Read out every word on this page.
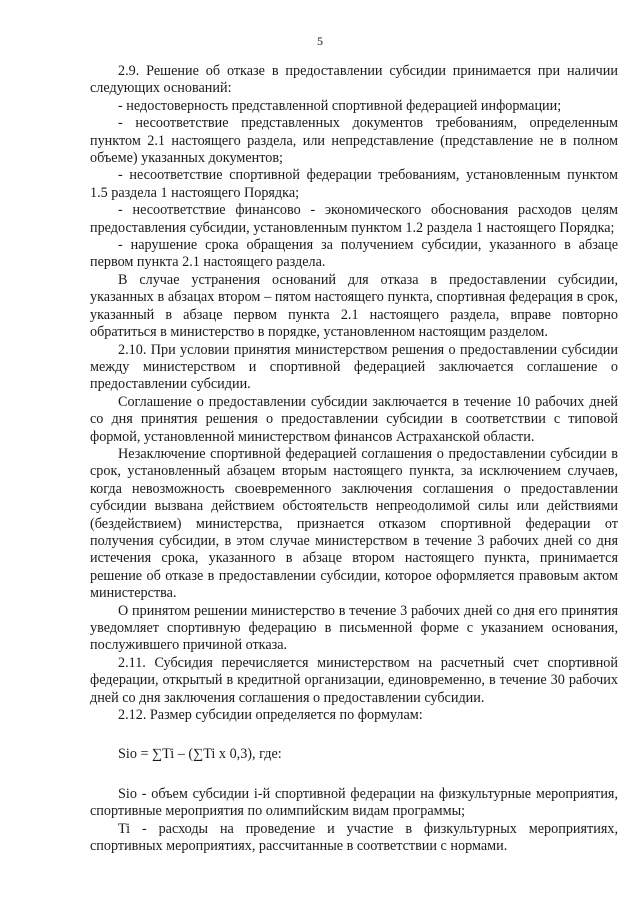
5

2.9. Решение об отказе в предоставлении субсидии принимается при наличии следующих оснований:

- недостоверность представленной спортивной федерацией информации;

- несоответствие представленных документов требованиям, определенным пунктом 2.1 настоящего раздела, или непредставление (представление не в полном объеме) указанных документов;

- несоответствие спортивной федерации требованиям, установленным пунктом 1.5 раздела 1 настоящего Порядка;

- несоответствие финансово - экономического обоснования расходов целям предоставления субсидии, установленным пунктом 1.2 раздела 1 настоящего Порядка;

- нарушение срока обращения за получением субсидии, указанного в абзаце первом пункта 2.1 настоящего раздела.

В случае устранения оснований для отказа в предоставлении субсидии, указанных в абзацах втором – пятом настоящего пункта, спортивная федерация в срок, указанный в абзаце первом пункта 2.1 настоящего раздела, вправе повторно обратиться в министерство в порядке, установленном настоящим разделом.

2.10. При условии принятия министерством решения о предоставлении субсидии между министерством и спортивной федерацией заключается соглашение о предоставлении субсидии.

Соглашение о предоставлении субсидии заключается в течение 10 рабочих дней со дня принятия решения о предоставлении субсидии в соответствии с типовой формой, установленной министерством финансов Астраханской области.

Незаключение спортивной федерацией соглашения о предоставлении субсидии в срок, установленный абзацем вторым настоящего пункта, за исключением случаев, когда невозможность своевременного заключения соглашения о предоставлении субсидии вызвана действием обстоятельств непреодолимой силы или действиями (бездействием) министерства, признается отказом спортивной федерации от получения субсидии, в этом случае министерством в течение 3 рабочих дней со дня истечения срока, указанного в абзаце втором настоящего пункта, принимается решение об отказе в предоставлении субсидии, которое оформляется правовым актом министерства.

О принятом решении министерство в течение 3 рабочих дней со дня его принятия уведомляет спортивную федерацию в письменной форме с указанием основания, послужившего причиной отказа.

2.11. Субсидия перечисляется министерством на расчетный счет спортивной федерации, открытый в кредитной организации, единовременно, в течение 30 рабочих дней со дня заключения соглашения о предоставлении субсидии.

2.12. Размер субсидии определяется по формулам:

Sio = ∑Ti – (∑Ti x 0,3), где:

Sio - объем субсидии i-й спортивной федерации на физкультурные мероприятия, спортивные мероприятия по олимпийским видам программы;

Ti - расходы на проведение и участие в физкультурных мероприятиях, спортивных мероприятиях, рассчитанные в соответствии с нормами.
